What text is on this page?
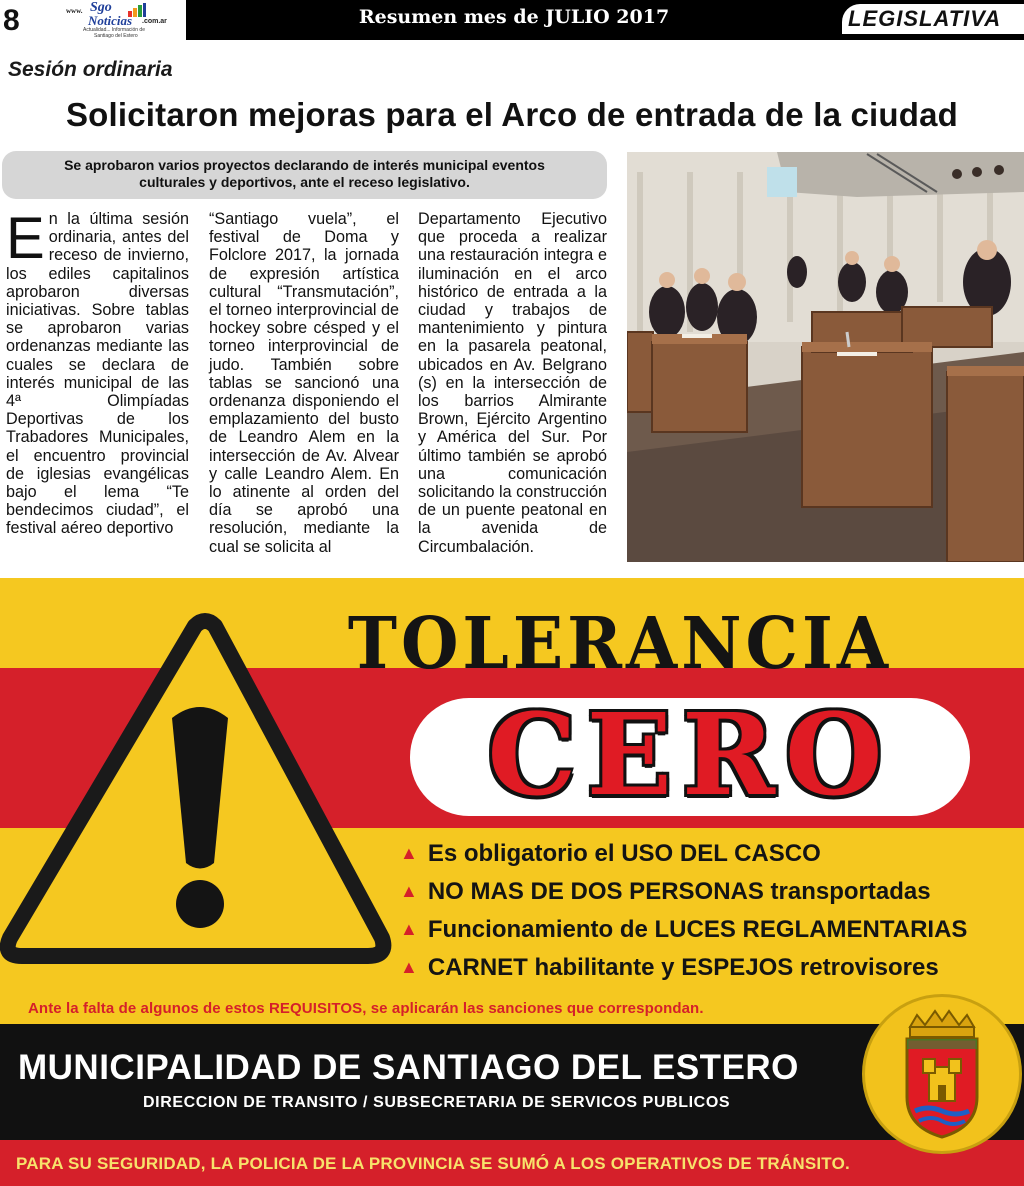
8	www. Sgo
Noticias .com.ar
Actualidad... Información de
Santiago del Estero
Resumen mes de JULIO 2017	LEGISLATIVA
Sesión ordinaria
Solicitaron mejoras para el Arco de entrada de la ciudad
Se aprobaron varios proyectos declarando de interés municipal eventos
culturales y deportivos, ante el receso legislativo.
En la última sesión ordinaria, antes del receso de invierno, los ediles capitalinos aprobaron diversas iniciativas. Sobre tablas se aprobaron varias ordenanzas mediante las cuales se declara de interés municipal de las 4ª Olimpíadas Deportivas de los Trabadores Municipales, el encuentro provincial de iglesias evangélicas bajo el lema “Te bendecimos ciudad”, el festival aéreo deportivo
“Santiago vuela”, el festival de Doma y Folclore 2017, la jornada de expresión artística cultural “Transmutación”, el torneo interprovincial de hockey sobre césped y el torneo interprovincial de judo. También sobre tablas se sancionó una ordenanza disponiendo el emplazamiento del busto de Leandro Alem en la intersección de Av. Alvear y calle Leandro Alem. En lo atinente al orden del día se aprobó una resolución, mediante la cual se solicita al
Departamento Ejecutivo que proceda a realizar una restauración integra e iluminación en el arco histórico de entrada a la ciudad y trabajos de mantenimiento y pintura en la pasarela peatonal, ubicados en Av. Belgrano (s) en la intersección de los barrios Almirante Brown, Ejército Argentino y América del Sur. Por último también se aprobó una comunicación solicitando la construcción de un puente peatonal en la avenida de Circumbalación.
TOLERANCIA
CERO
▲ Es obligatorio el USO DEL CASCO
▲ NO MAS DE DOS PERSONAS transportadas
▲ Funcionamiento de LUCES REGLAMENTARIAS
▲ CARNET habilitante y ESPEJOS retrovisores
Ante la falta de algunos de estos REQUISITOS, se aplicarán las sanciones que correspondan.
MUNICIPALIDAD DE SANTIAGO DEL ESTERO
DIRECCION DE TRANSITO / SUBSECRETARIA DE SERVICOS PUBLICOS
PARA SU SEGURIDAD, LA POLICIA DE LA PROVINCIA SE SUMÓ A LOS OPERATIVOS DE TRÁNSITO.
